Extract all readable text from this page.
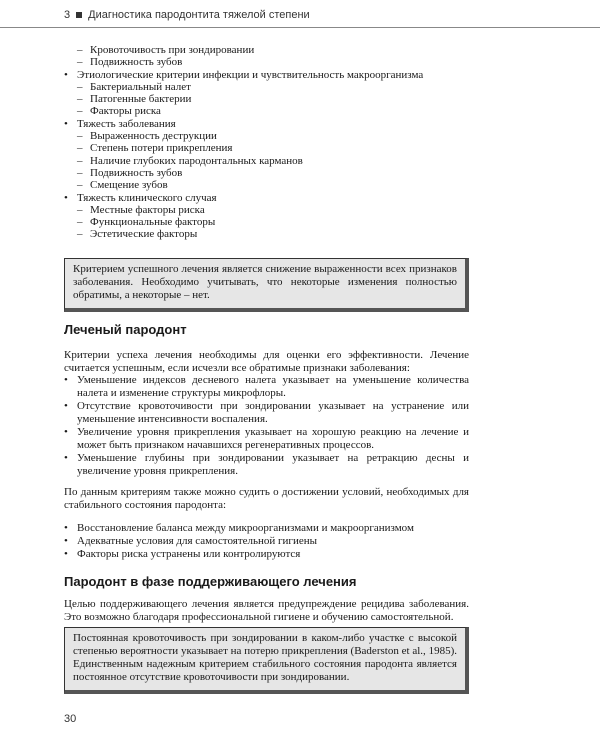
3 Диагностика пародонтита тяжелой степени
– Кровоточивость при зондировании
– Подвижность зубов
• Этиологические критерии инфекции и чувствительность макроорганизма
– Бактериальный налет
– Патогенные бактерии
– Факторы риска
• Тяжесть заболевания
– Выраженность деструкции
– Степень потери прикрепления
– Наличие глубоких пародонтальных карманов
– Подвижность зубов
– Смещение зубов
• Тяжесть клинического случая
– Местные факторы риска
– Функциональные факторы
– Эстетические факторы
Критерием успешного лечения является снижение выраженности всех признаков заболевания. Необходимо учитывать, что некоторые изменения полностью обратимы, а некоторые – нет.
Леченый пародонт
Критерии успеха лечения необходимы для оценки его эффективности. Лечение считается успешным, если исчезли все обратимые признаки заболевания:
• Уменьшение индексов десневого налета указывает на уменьшение количества налета и изменение структуры микрофлоры.
• Отсутствие кровоточивости при зондировании указывает на устранение или уменьшение интенсивности воспаления.
• Увеличение уровня прикрепления указывает на хорошую реакцию на лечение и может быть признаком начавшихся регенеративных процессов.
• Уменьшение глубины при зондировании указывает на ретракцию десны и увеличение уровня прикрепления.
По данным критериям также можно судить о достижении условий, необходимых для стабильного состояния пародонта:
• Восстановление баланса между микроорганизмами и макроорганизмом
• Адекватные условия для самостоятельной гигиены
• Факторы риска устранены или контролируются
Пародонт в фазе поддерживающего лечения
Целью поддерживающего лечения является предупреждение рецидива заболевания. Это возможно благодаря профессиональной гигиене и обучению самостоятельной.
Постоянная кровоточивость при зондировании в каком-либо участке с высокой степенью вероятности указывает на потерю прикрепления (Baderston et al., 1985). Единственным надежным критерием стабильного состояния пародонта является постоянное отсутствие кровоточивости при зондировании.
30
